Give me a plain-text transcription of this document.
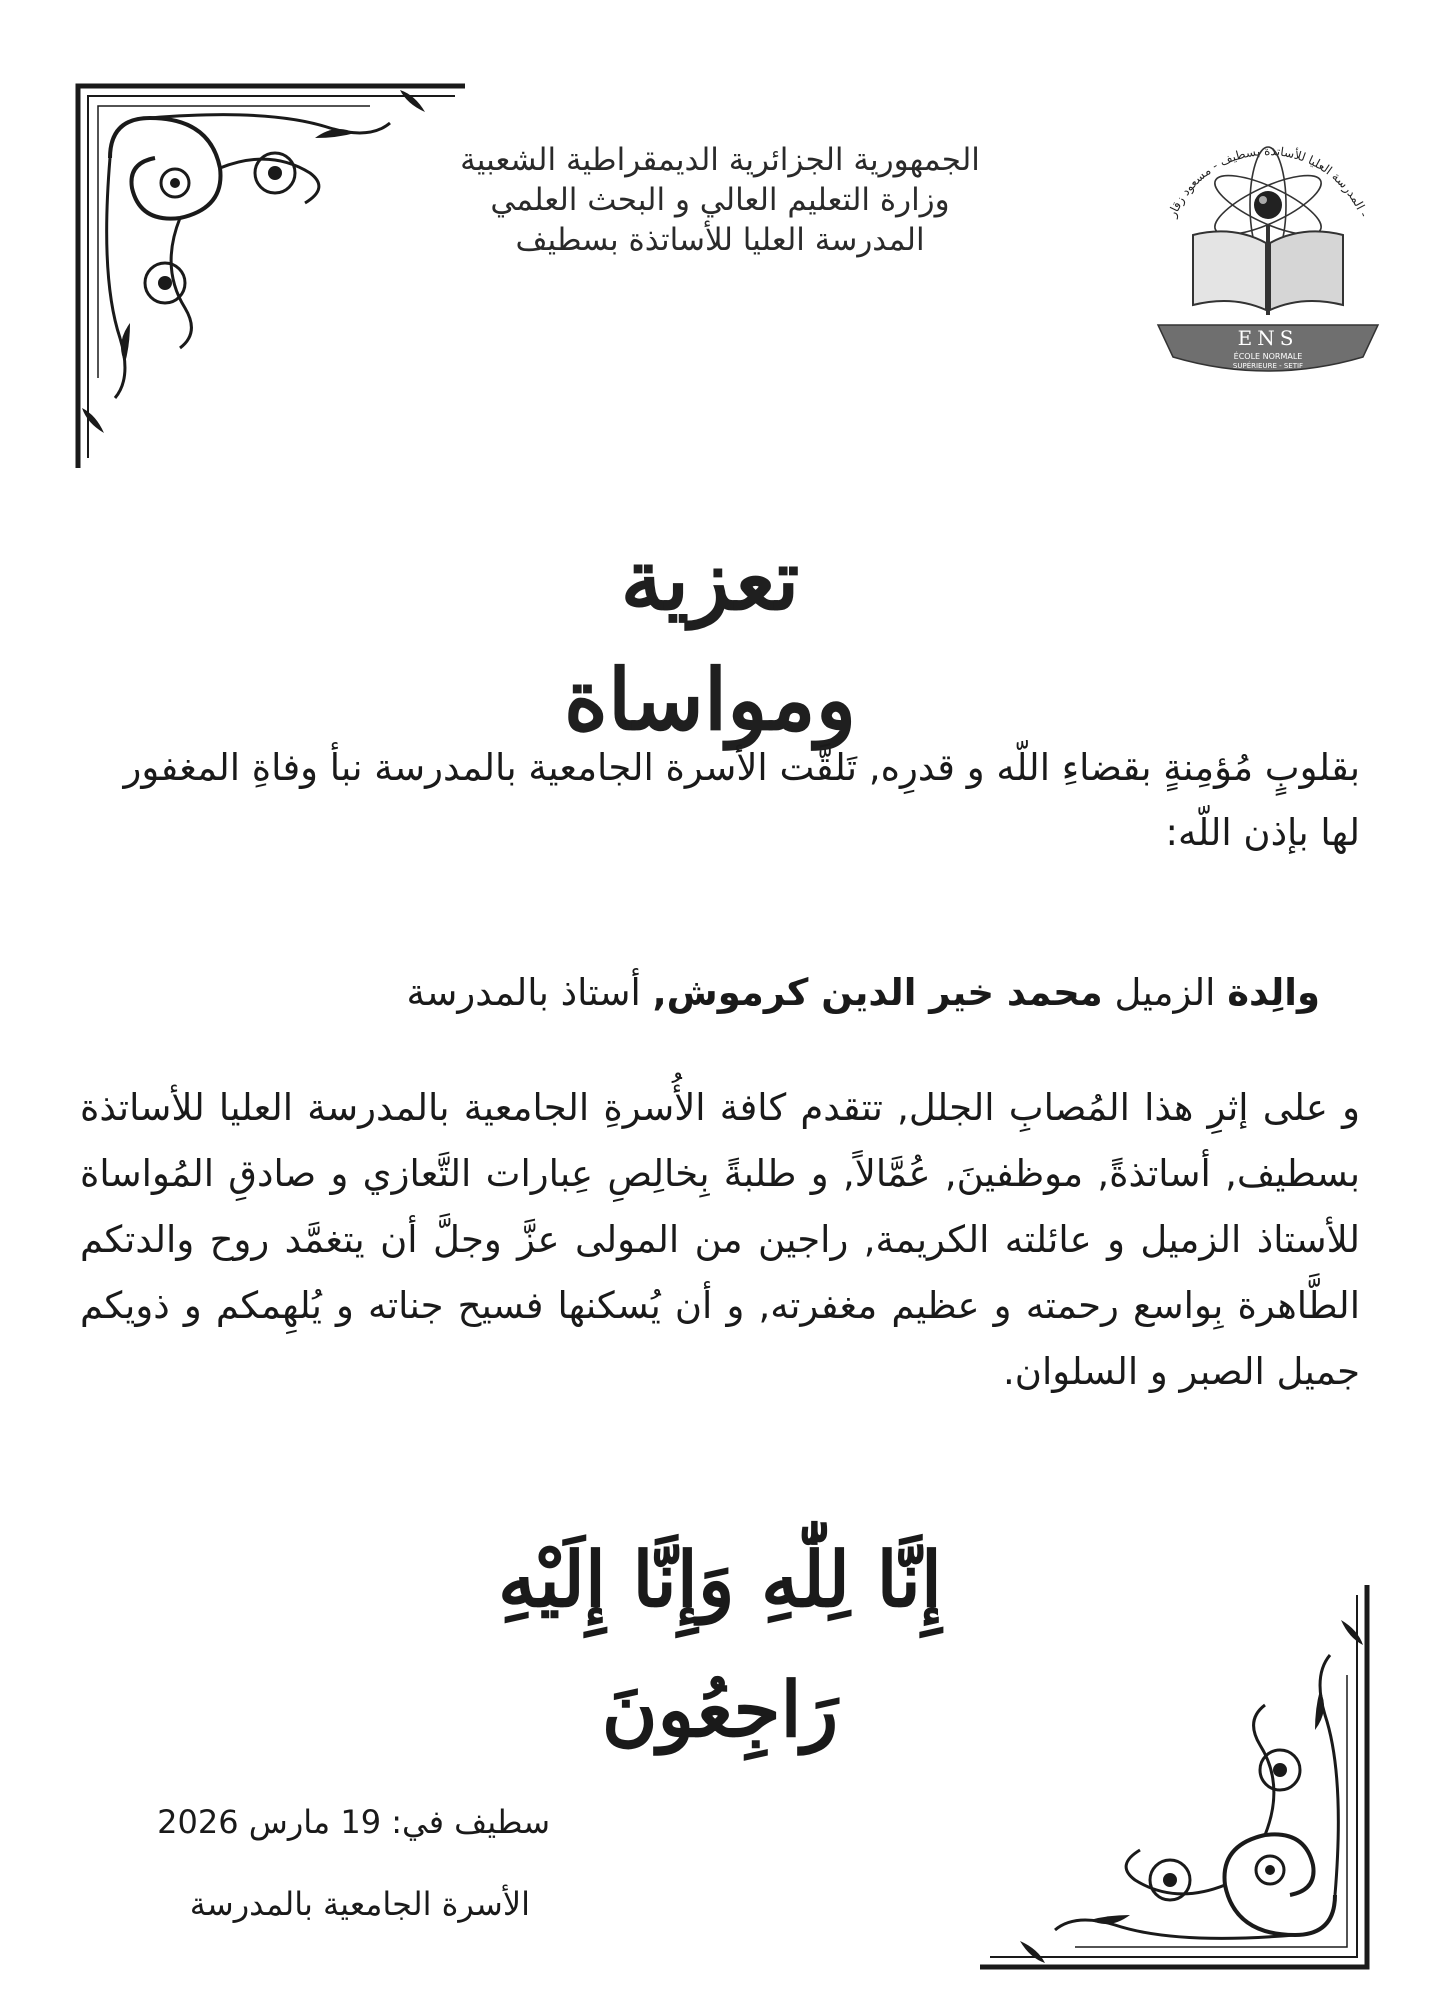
المدرسة العليا للأساتذة بسطيف - مسعود زقار -
ENS
ÉCOLE NORMALE
SUPÉRIEURE - SETIF
الجمهورية الجزائرية الديمقراطية الشعبية
وزارة التعليم العالي و البحث العلمي
المدرسة العليا للأساتذة بسطيف
تعزية ومواساة
بقلوبٍ مُؤمِنةٍ بقضاءِ اللّه و قدرِه, تَلقَّت الأسرة الجامعية بالمدرسة نبأ وفاةِ المغفور لها بإذن اللّه:
والِدة الزميل محمد خير الدين كرموش, أستاذ بالمدرسة
و على إثرِ هذا المُصابِ الجلل, تتقدم كافة الأُسرةِ الجامعية بالمدرسة العليا للأساتذة بسطيف, أساتذةً, موظفينَ, عُمَّالاً, و طلبةً بِخالِصِ عِبارات التَّعازي و صادقِ المُواساة للأستاذ الزميل و عائلته الكريمة, راجين من المولى عزَّ وجلَّ أن يتغمَّد روح والدتكم الطَّاهرة بِواسع رحمته و عظيم مغفرته, و أن يُسكنها فسيح جناته و يُلهِمكم و ذويكم جميل الصبر و السلوان.
إِنَّا لِلّٰهِ وَإِنَّا إِلَيْهِ رَاجِعُونَ
سطيف في: 19 مارس 2026
الأسرة الجامعية بالمدرسة
